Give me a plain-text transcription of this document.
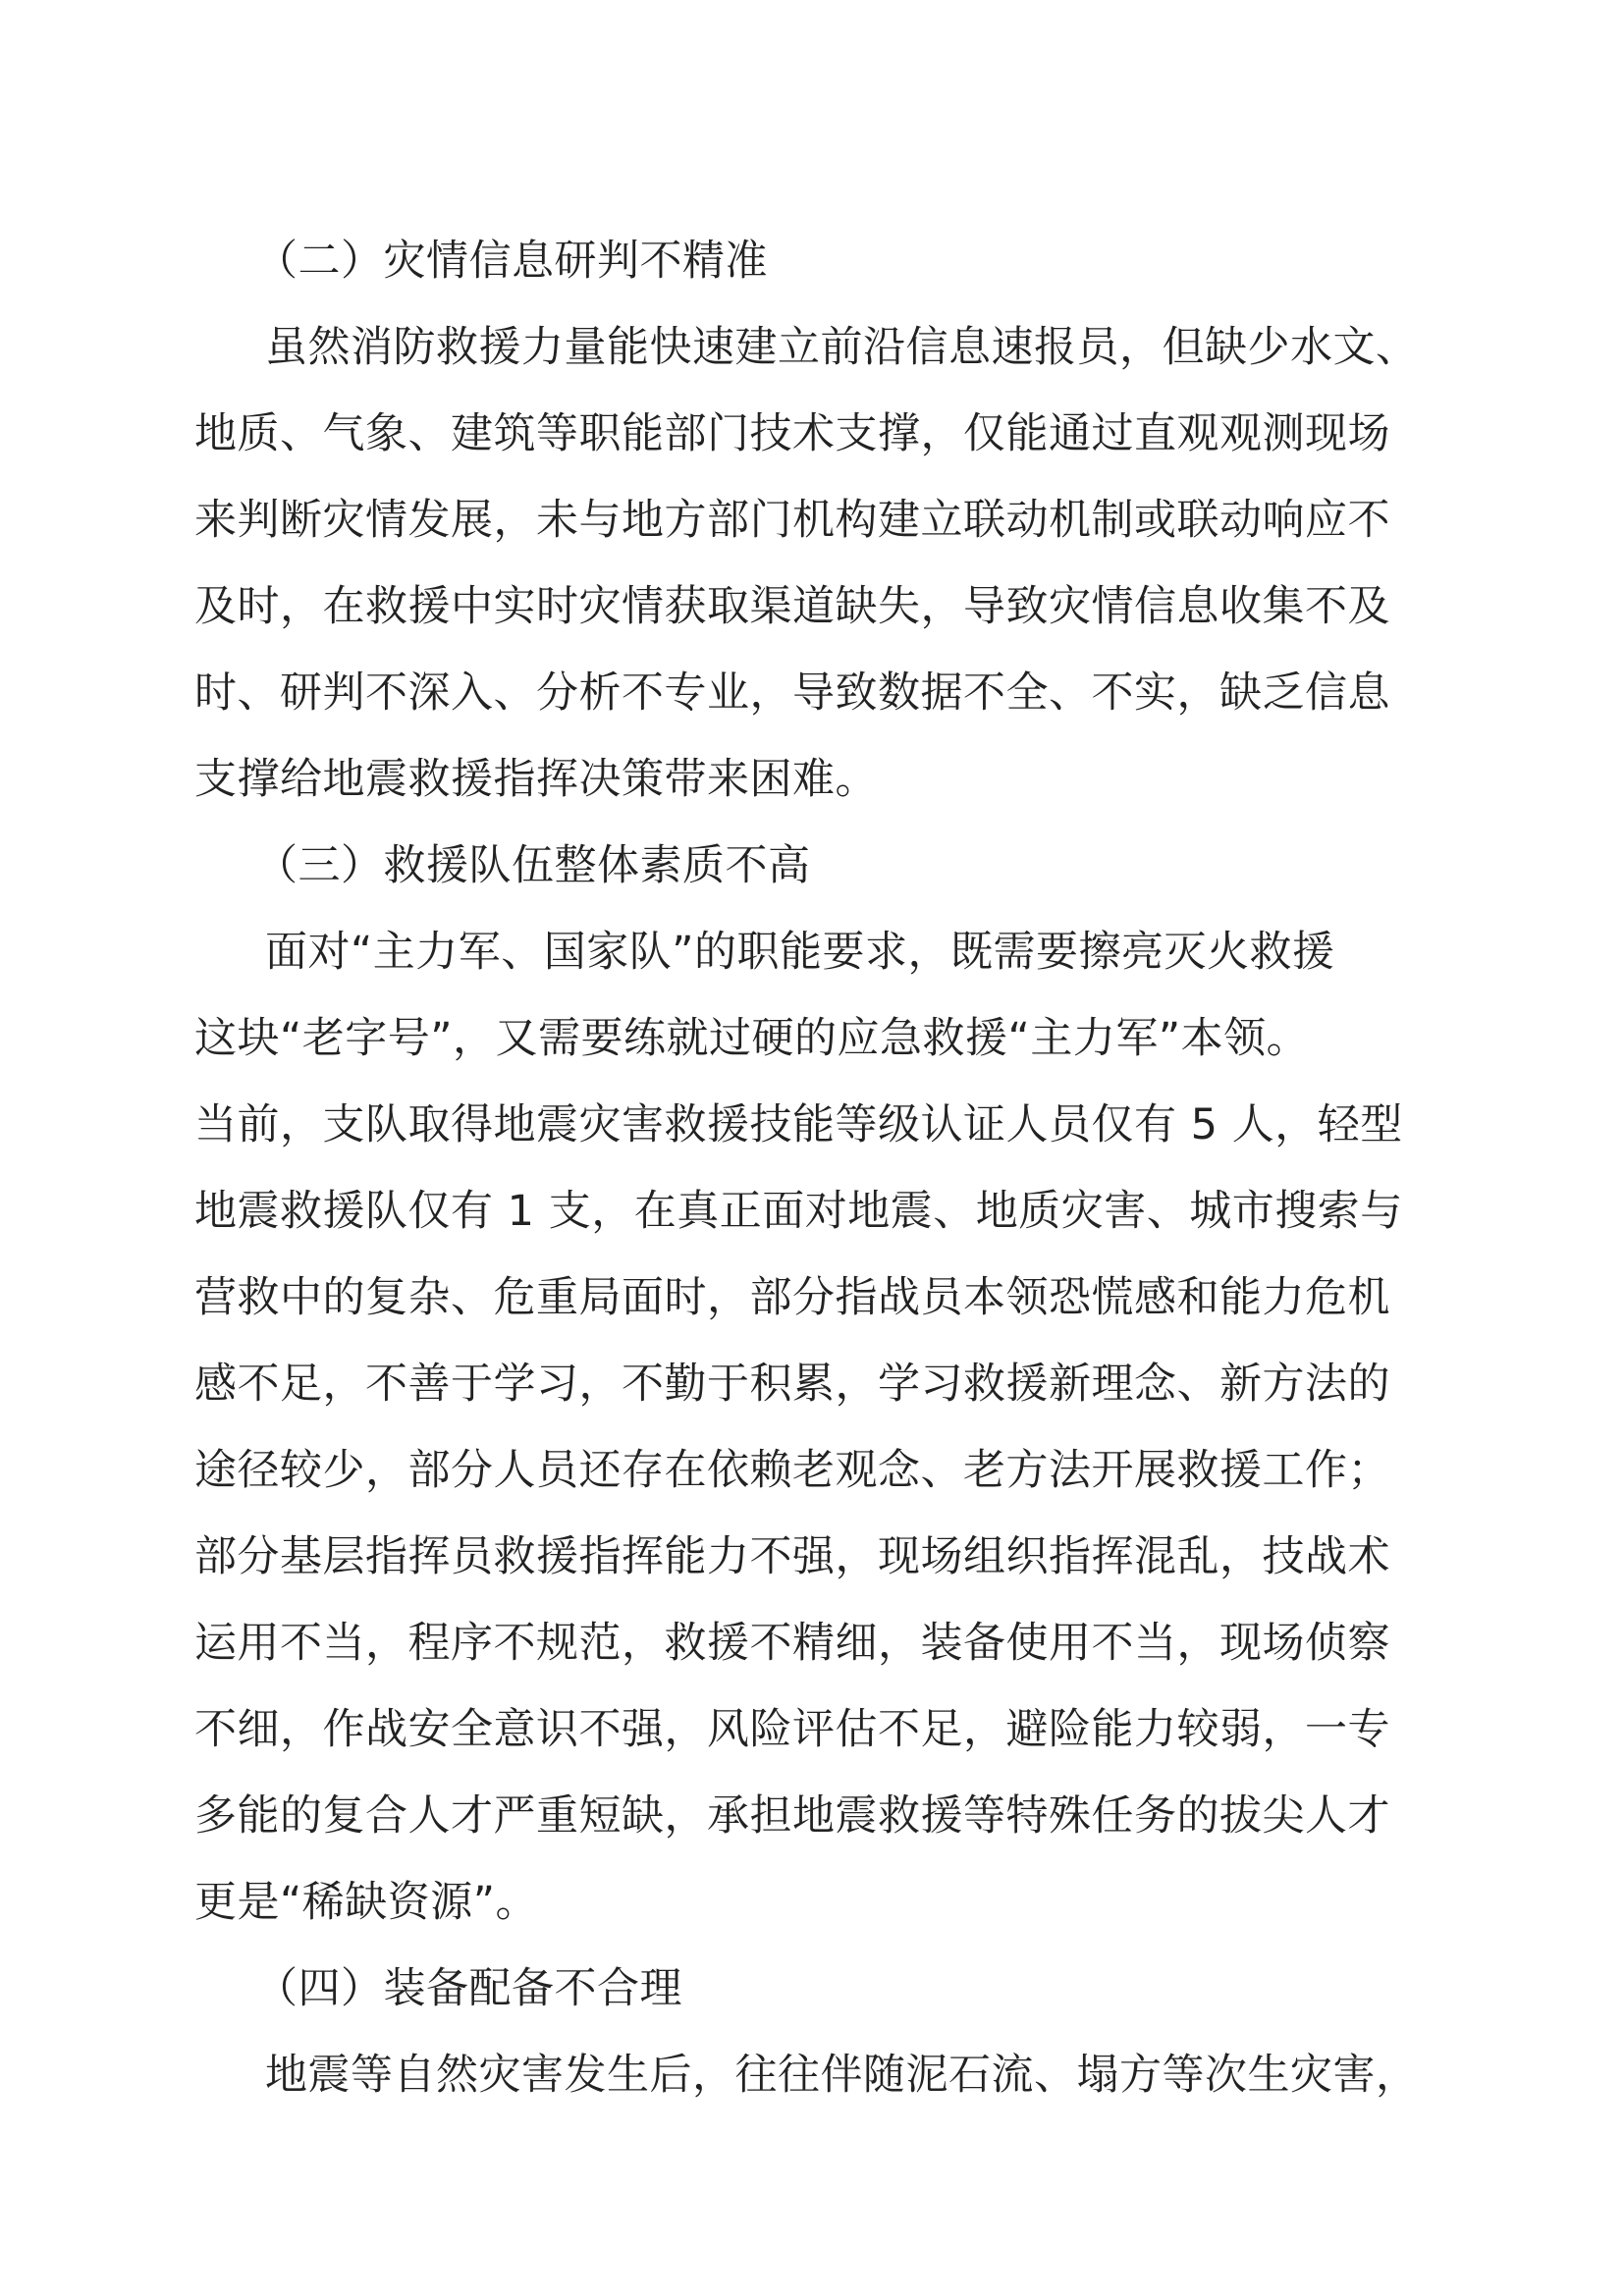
（二）灾情信息研判不精准
虽然消防救援力量能快速建立前沿信息速报员，但缺少水文、
地质、气象、建筑等职能部门技术支撑，仅能通过直观观测现场
来判断灾情发展，未与地方部门机构建立联动机制或联动响应不
及时，在救援中实时灾情获取渠道缺失，导致灾情信息收集不及
时、研判不深入、分析不专业，导致数据不全、不实，缺乏信息
支撑给地震救援指挥决策带来困难。
（三）救援队伍整体素质不高
面对“主力军、国家队”的职能要求，既需要擦亮灭火救援
这块“老字号”，又需要练就过硬的应急救援“主力军”本领。
当前，支队取得地震灾害救援技能等级认证人员仅有 5 人，轻型
地震救援队仅有 1 支，在真正面对地震、地质灾害、城市搜索与
营救中的复杂、危重局面时，部分指战员本领恐慌感和能力危机
感不足，不善于学习，不勤于积累，学习救援新理念、新方法的
途径较少，部分人员还存在依赖老观念、老方法开展救援工作；
部分基层指挥员救援指挥能力不强，现场组织指挥混乱，技战术
运用不当，程序不规范，救援不精细，装备使用不当，现场侦察
不细，作战安全意识不强，风险评估不足，避险能力较弱，一专
多能的复合人才严重短缺，承担地震救援等特殊任务的拔尖人才
更是“稀缺资源”。
（四）装备配备不合理
地震等自然灾害发生后，往往伴随泥石流、塌方等次生灾害，
